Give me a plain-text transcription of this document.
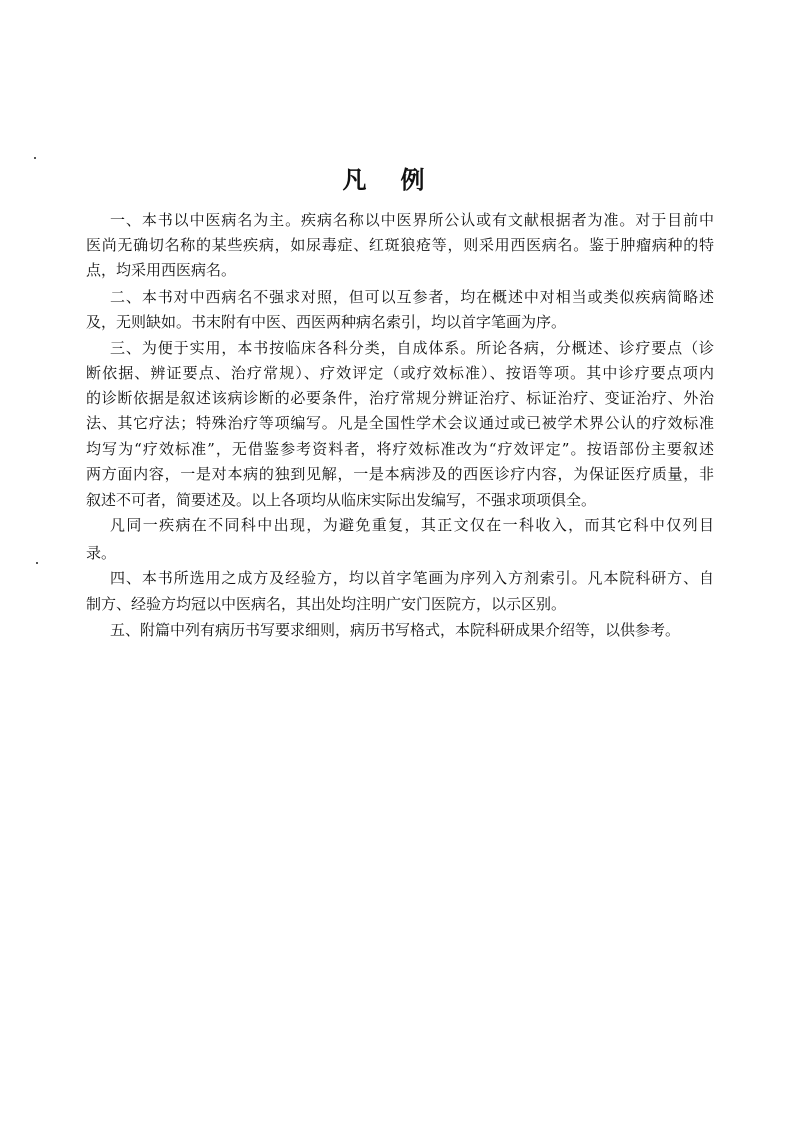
凡例
一、本书以中医病名为主。疾病名称以中医界所公认或有文献根据者为准。对于目前中
医尚无确切名称的某些疾病，如尿毒症、红斑狼疮等，则采用西医病名。鉴于肿瘤病种的特
点，均采用西医病名。
二、本书对中西病名不强求对照，但可以互参者，均在概述中对相当或类似疾病简略述
及，无则缺如。书末附有中医、西医两种病名索引，均以首字笔画为序。
三、为便于实用，本书按临床各科分类，自成体系。所论各病，分概述、诊疗要点（诊
断依据、辨证要点、治疗常规）、疗效评定（或疗效标准）、按语等项。其中诊疗要点项内
的诊断依据是叙述该病诊断的必要条件，治疗常规分辨证治疗、标证治疗、变证治疗、外治
法、其它疗法；特殊治疗等项编写。凡是全国性学术会议通过或已被学术界公认的疗效标准
均写为“疗效标准”，无借鉴参考资料者，将疗效标准改为“疗效评定”。按语部份主要叙述
两方面内容，一是对本病的独到见解，一是本病涉及的西医诊疗内容，为保证医疗质量，非
叙述不可者，简要述及。以上各项均从临床实际出发编写，不强求项项俱全。
凡同一疾病在不同科中出现，为避免重复，其正文仅在一科收入，而其它科中仅列目
录。
四、本书所选用之成方及经验方，均以首字笔画为序列入方剂索引。凡本院科研方、自
制方、经验方均冠以中医病名，其出处均注明广安门医院方，以示区别。
五、附篇中列有病历书写要求细则，病历书写格式，本院科研成果介绍等，以供参考。
